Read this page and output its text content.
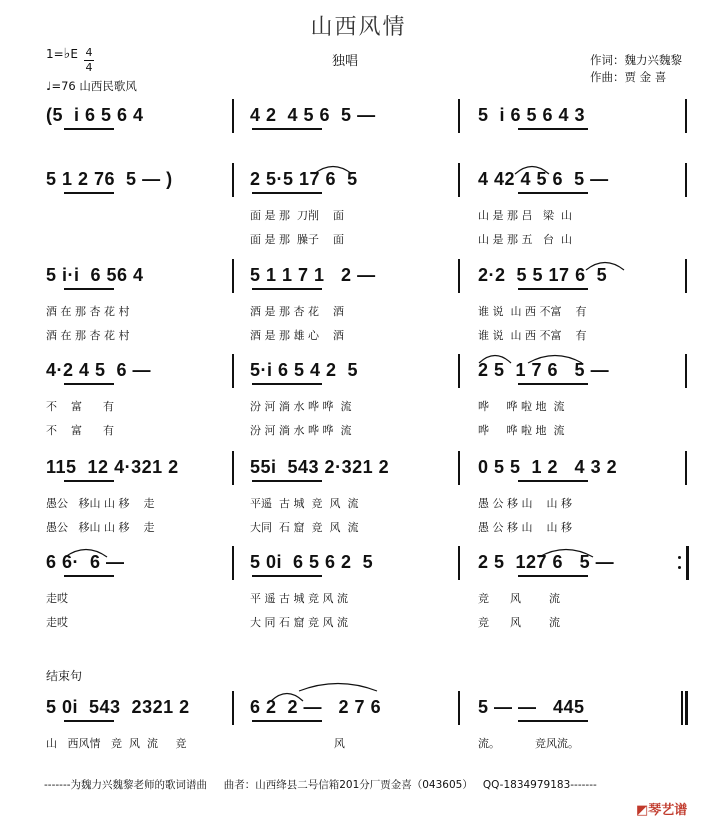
山西风情
独唱	作词：魏力兴魏黎
作曲：贾 金 喜
1=♭E 4
4
♩=76 山西民歌风
(5  i 6 5 6 4	4 2  4 5 6  5 —	5  i 6 5 6 4 3
5 1 2 76  5 — )	2 5·5 17 6  5	4 42 4 5 6  5 —
面 是 那  刀削    面	山 是 那 吕   梁  山
面 是 那  臊子    面	山 是 那 五   台  山
5 i·i  6 56 4	5 1 1 7 1   2 —	2·2  5 5 17 6  5
酒 在 那 杏 花 村	酒 是 那 杏 花    酒	谁 说  山 西 不富    有
酒 在 那 杏 花 村	酒 是 那 雄 心    酒	谁 说  山 西 不富    有
4·2 4 5  6 —	5·i 6 5 4 2  5	2 5  1 7 6   5 —
不    富      有	汾 河 淌 水 哗 哗  流	哗     哗 啦 地  流
不    富      有	汾 河 淌 水 哗 哗  流	哗     哗 啦 地  流
115  12 4·321 2	55i  543 2·321 2	0 5 5  1 2   4 3 2
愚公   移山 山 移    走	平遥  古 城  竞  风  流	愚 公 移 山    山 移
愚公   移山 山 移    走	大同  石 窟  竞  风  流	愚 公 移 山    山 移
6 6·  6 —	5 0i  6 5 6 2  5	2 5  127 6   5 —
走哎	平 遥 古 城 竞 风 流	竞      风        流
走哎	大 同 石 窟 竞 风 流	竞      风        流
5 0i  543  2321 2	6 2  2 —   2 7 6	5 — —   445
山   西风情   竞  风  流     竞	风	流。          竞风流。
结束句
-------为魏力兴魏黎老师的歌词谱曲     曲者：山西绛县二号信箱201分厂贾金喜（043605）   QQ-1834979183-------
◩琴艺谱
